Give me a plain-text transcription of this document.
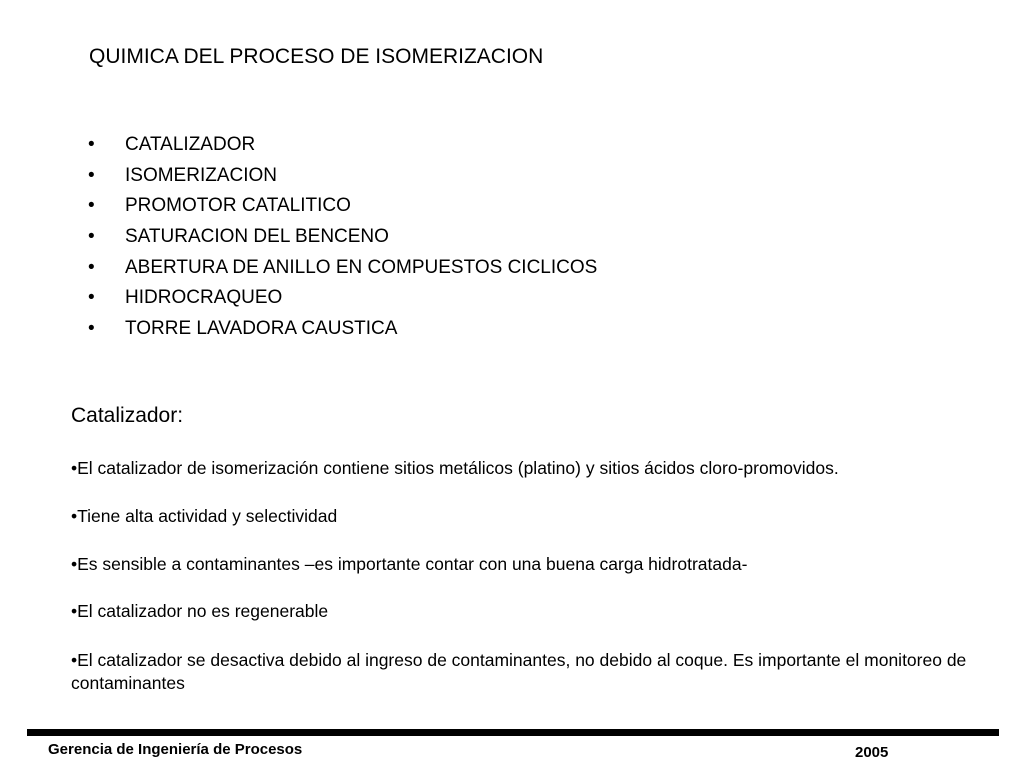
QUIMICA DEL PROCESO DE ISOMERIZACION
• CATALIZADOR
• ISOMERIZACION
• PROMOTOR CATALITICO
• SATURACION DEL BENCENO
• ABERTURA DE ANILLO EN COMPUESTOS CICLICOS
• HIDROCRAQUEO
• TORRE LAVADORA CAUSTICA
Catalizador:
•El catalizador de isomerización contiene sitios metálicos (platino) y sitios ácidos cloro-promovidos.
•Tiene alta actividad y selectividad
•Es sensible a contaminantes –es importante contar con una buena carga hidrotratada-
•El catalizador no es regenerable
•El catalizador se desactiva debido al ingreso de contaminantes, no debido al coque. Es importante el monitoreo de contaminantes
Gerencia de Ingeniería de Procesos	2005
